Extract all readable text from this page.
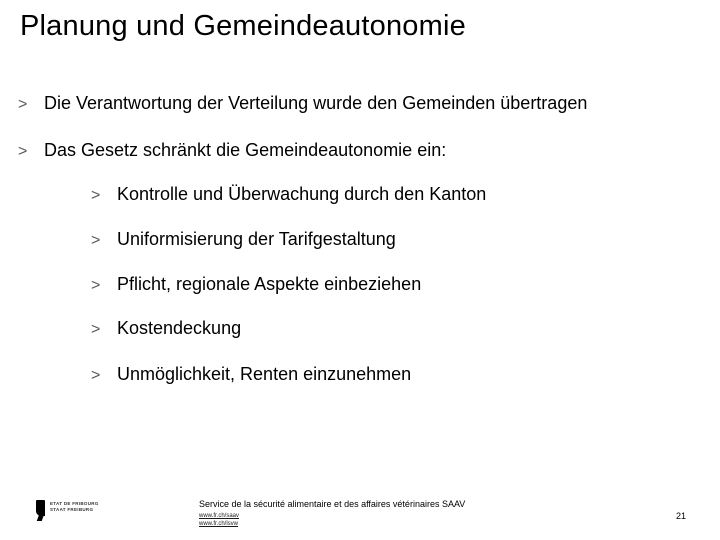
Planung und Gemeindeautonomie
> Die Verantwortung der Verteilung wurde den Gemeinden übertragen
> Das Gesetz schränkt die Gemeindeautonomie ein:
> Kontrolle und Überwachung durch den Kanton
> Uniformisierung der Tarifgestaltung
> Pflicht, regionale Aspekte einbeziehen
> Kostendeckung
> Unmöglichkeit, Renten einzunehmen
ETAT DE FRIBOURG
STAAT FREIBURG
Service de la sécurité alimentaire et des affaires vétérinaires SAAV
www.fr.ch/saav
www.fr.ch/lsvw
21
